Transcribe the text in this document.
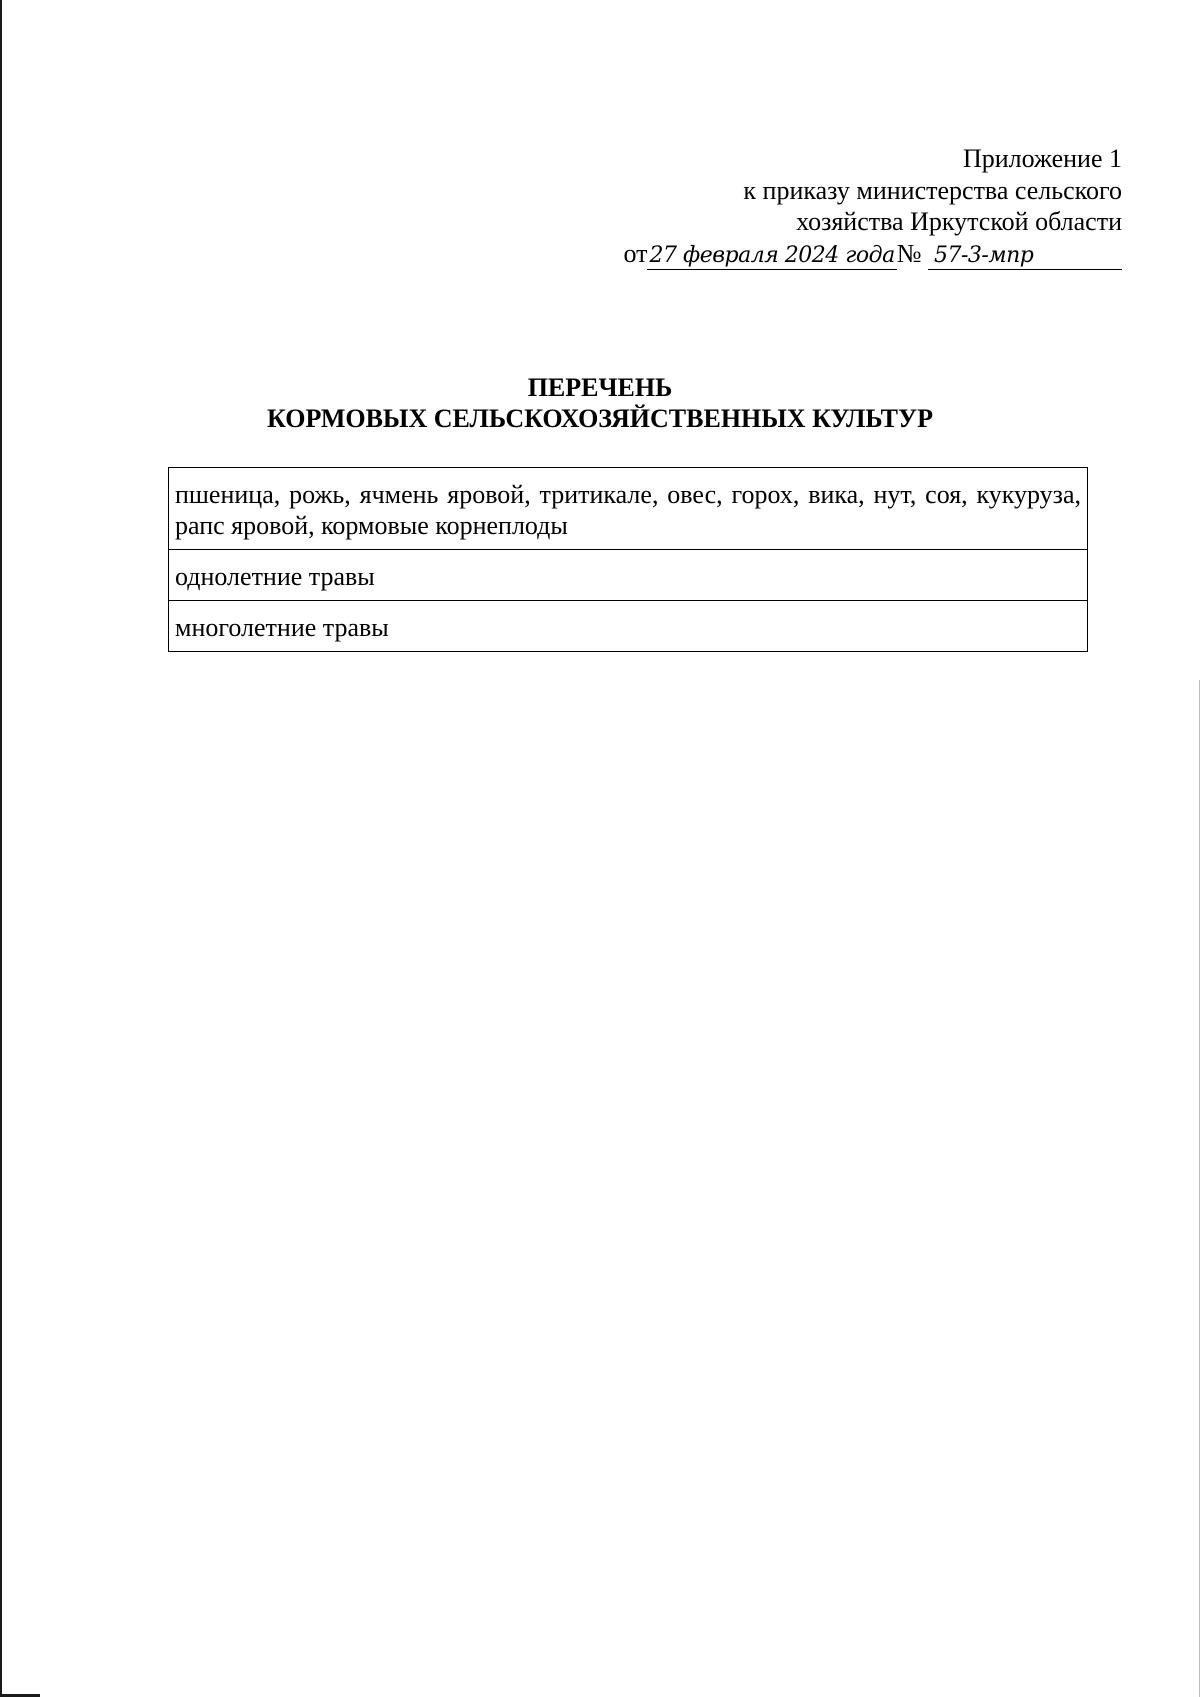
Приложение 1
к приказу министерства сельского
хозяйства Иркутской области
от27 февраля 2024 года№ 57-3-мпр
ПЕРЕЧЕНЬ
КОРМОВЫХ СЕЛЬСКОХОЗЯЙСТВЕННЫХ КУЛЬТУР
пшеница, рожь, ячмень яровой, тритикале, овес, горох, вика, нут, соя, кукуруза, рапс яровой, кормовые корнеплоды
однолетние травы
многолетние травы
